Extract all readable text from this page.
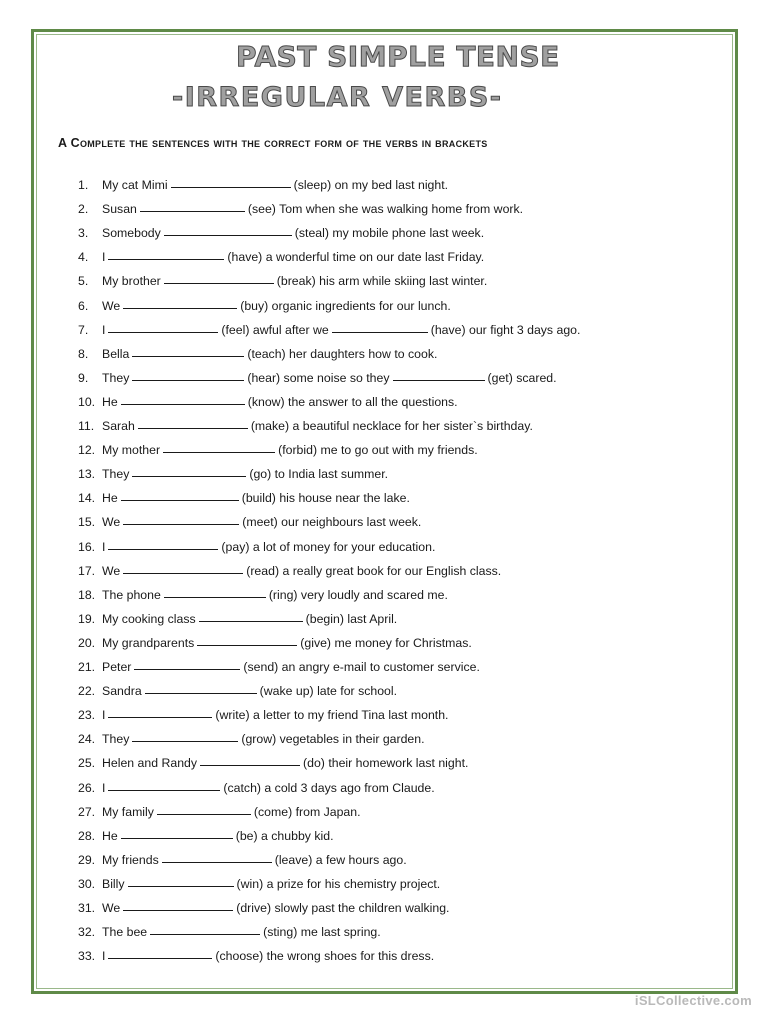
PAST SIMPLE TENSE
-IRREGULAR VERBS-
A Complete the sentences with the correct form of the verbs in brackets
1. My cat Mimi	(sleep) on my bed last night.
2. Susan	(see) Tom when she was walking home from work.
3. Somebody	(steal) my mobile phone last week.
4. I	(have) a wonderful time on our date last Friday.
5. My brother	(break) his arm while skiing last winter.
6. We	(buy) organic ingredients for our lunch.
7. I	(feel) awful after we	(have) our fight 3 days ago.
8. Bella	(teach) her daughters how to cook.
9. They	(hear) some noise so they	(get) scared.
10. He	(know) the answer to all the questions.
11. Sarah	(make) a beautiful necklace for her sister`s birthday.
12. My mother	(forbid) me to go out with my friends.
13. They	(go) to India last summer.
14. He	(build) his house near the lake.
15. We	(meet) our neighbours last week.
16. I	(pay) a lot of money for your education.
17. We	(read) a really great book for our English class.
18. The phone	(ring) very loudly and scared me.
19. My cooking class	(begin) last April.
20. My grandparents	(give) me money for Christmas.
21. Peter	(send) an angry e-mail to customer service.
22. Sandra	(wake up) late for school.
23. I	(write) a letter to my friend Tina last month.
24. They	(grow) vegetables in their garden.
25. Helen and Randy	(do) their homework last night.
26. I	(catch) a cold 3 days ago from Claude.
27. My family	(come) from Japan.
28. He	(be) a chubby kid.
29. My friends	(leave) a few hours ago.
30. Billy	(win) a prize for his chemistry project.
31. We	(drive) slowly past the children walking.
32. The bee	(sting) me last spring.
33. I	(choose) the wrong shoes for this dress.
iSLCollective.com
